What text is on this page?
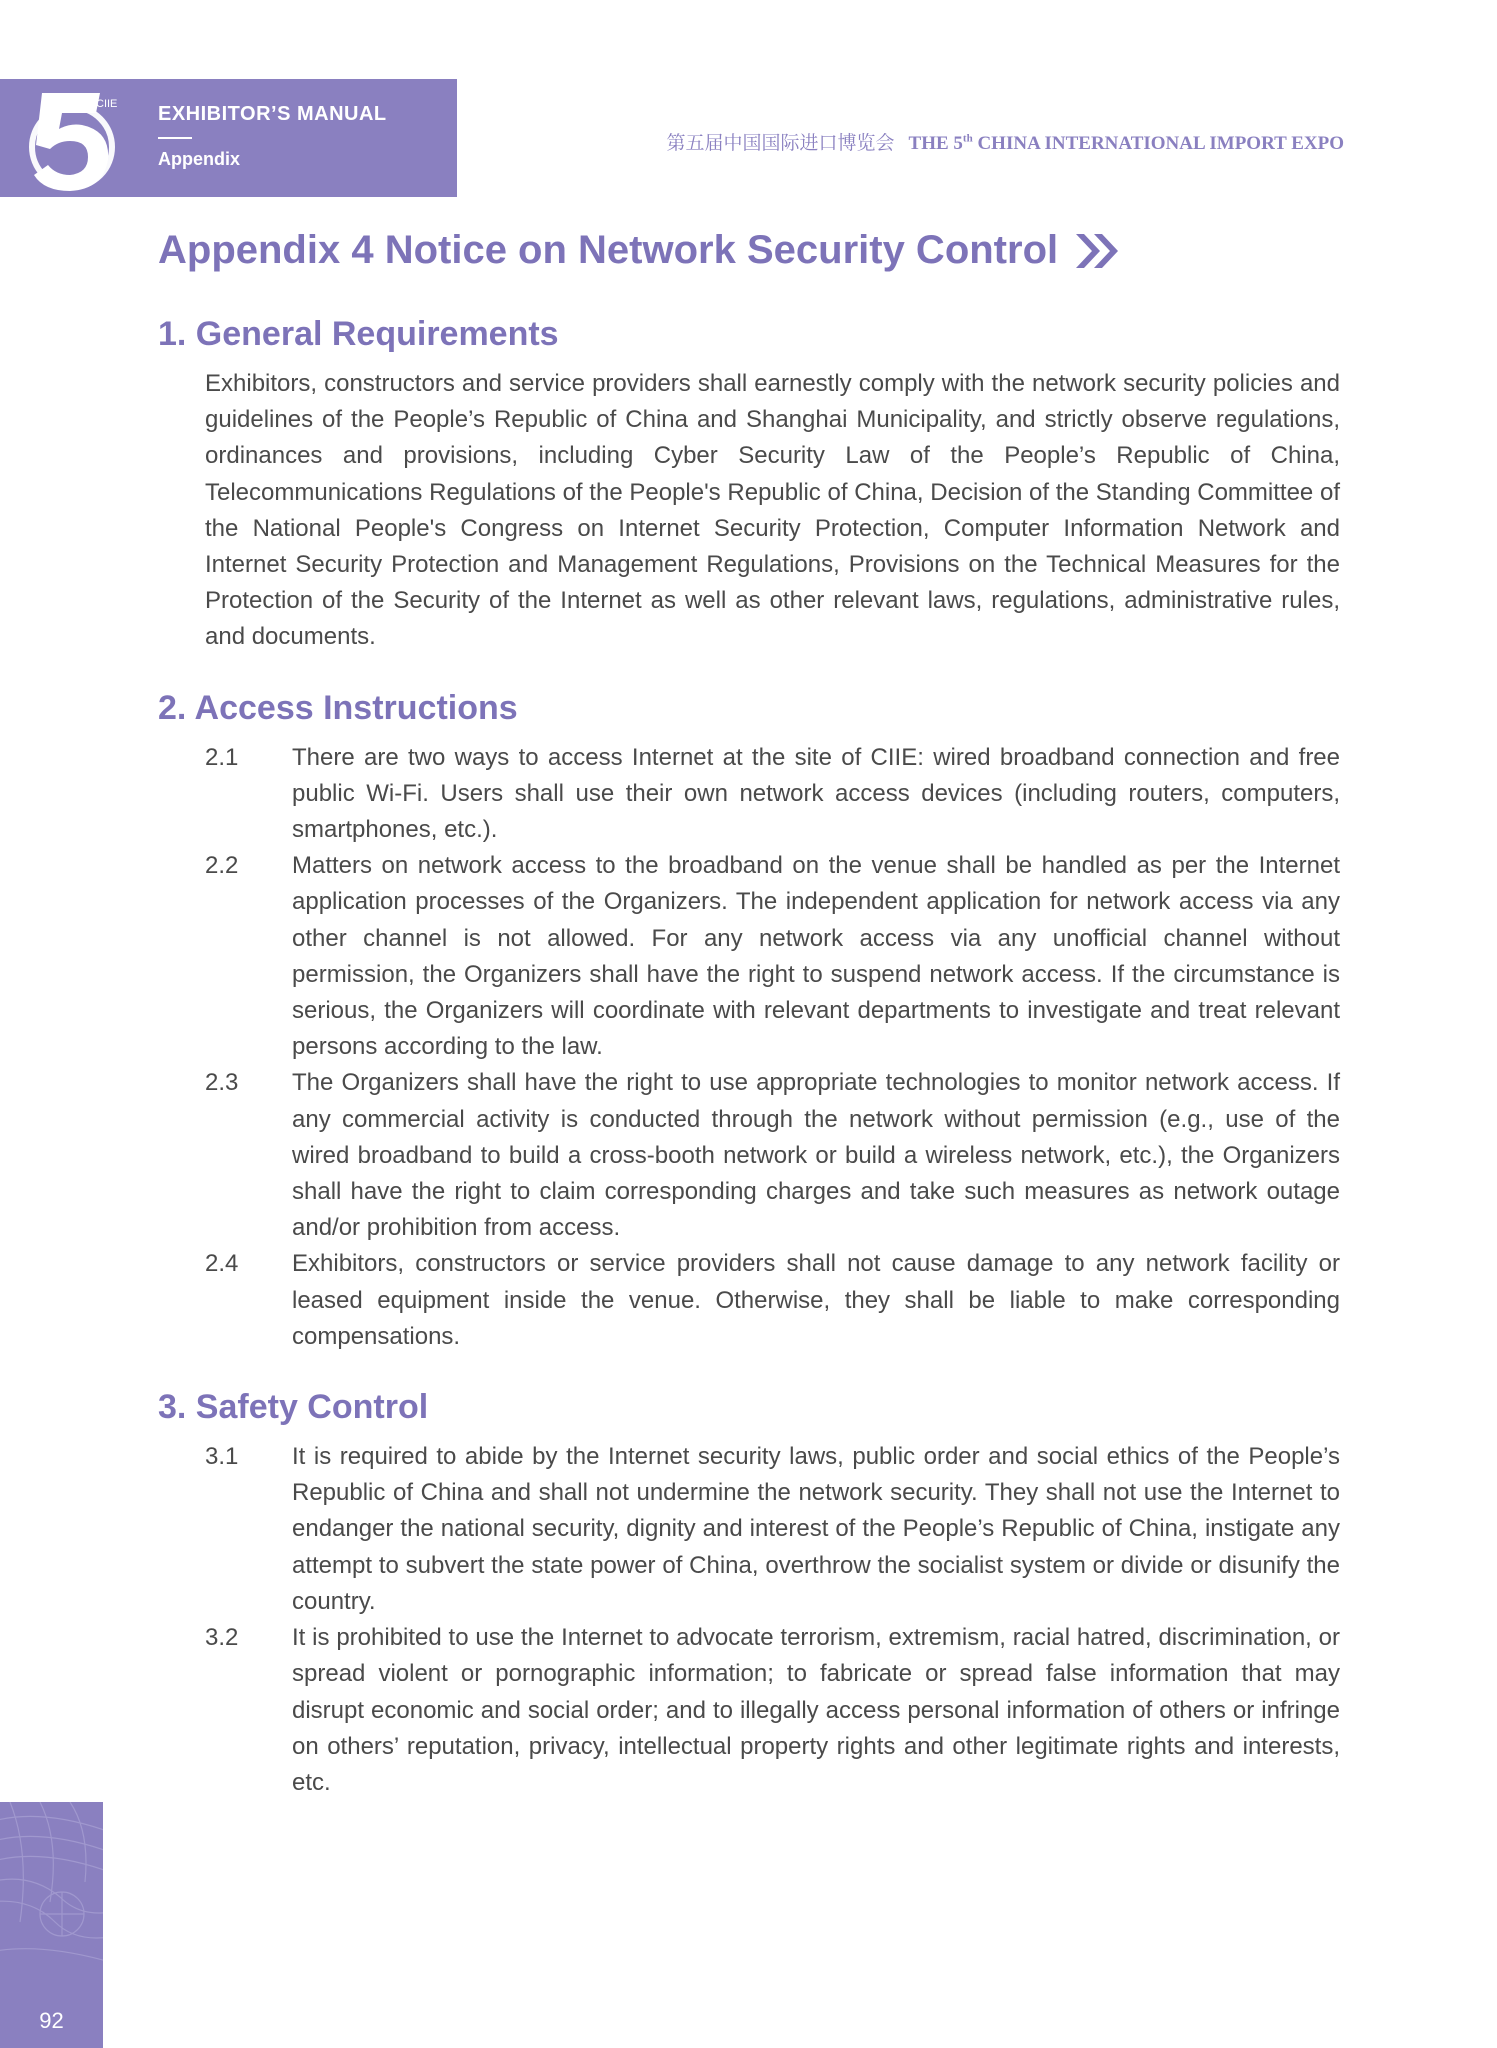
CIIE EXHIBITOR’S MANUAL
Appendix
第五届中国国际进口博览会 THE 5th CHINA INTERNATIONAL IMPORT EXPO
Appendix 4 Notice on Network Security Control
1. General Requirements

Exhibitors, constructors and service providers shall earnestly comply with the network security policies and guidelines of the People’s Republic of China and Shanghai Municipality, and strictly observe regulations, ordinances and provisions, including Cyber Security Law of the People’s Republic of China, Telecommunications Regulations of the People's Republic of China, Decision of the Standing Committee of the National People's Congress on Internet Security Protection, Computer Information Network and Internet Security Protection and Management Regulations, Provisions on the Technical Measures for the Protection of the Security of the Internet as well as other relevant laws, regulations, administrative rules, and documents.

2. Access Instructions
2.1	There are two ways to access Internet at the site of CIIE: wired broadband connection and free public Wi-Fi. Users shall use their own network access devices (including routers, computers, smartphones, etc.).
2.2	Matters on network access to the broadband on the venue shall be handled as per the Internet application processes of the Organizers. The independent application for network access via any other channel is not allowed. For any network access via any unofficial channel without permission, the Organizers shall have the right to suspend network access. If the circumstance is serious, the Organizers will coordinate with relevant departments to investigate and treat relevant persons according to the law.
2.3	The Organizers shall have the right to use appropriate technologies to monitor network access. If any commercial activity is conducted through the network without permission (e.g., use of the wired broadband to build a cross-booth network or build a wireless network, etc.), the Organizers shall have the right to claim corresponding charges and take such measures as network outage and/or prohibition from access.
2.4	Exhibitors, constructors or service providers shall not cause damage to any network facility or leased equipment inside the venue. Otherwise, they shall be liable to make corresponding compensations.
3. Safety Control
3.1	It is required to abide by the Internet security laws, public order and social ethics of the People’s Republic of China and shall not undermine the network security. They shall not use the Internet to endanger the national security, dignity and interest of the People’s Republic of China, instigate any attempt to subvert the state power of China, overthrow the socialist system or divide or disunify the country.
3.2	It is prohibited to use the Internet to advocate terrorism, extremism, racial hatred, discrimination, or spread violent or pornographic information; to fabricate or spread false information that may disrupt economic and social order; and to illegally access personal information of others or infringe on others’ reputation, privacy, intellectual property rights and other legitimate rights and interests, etc.
92
